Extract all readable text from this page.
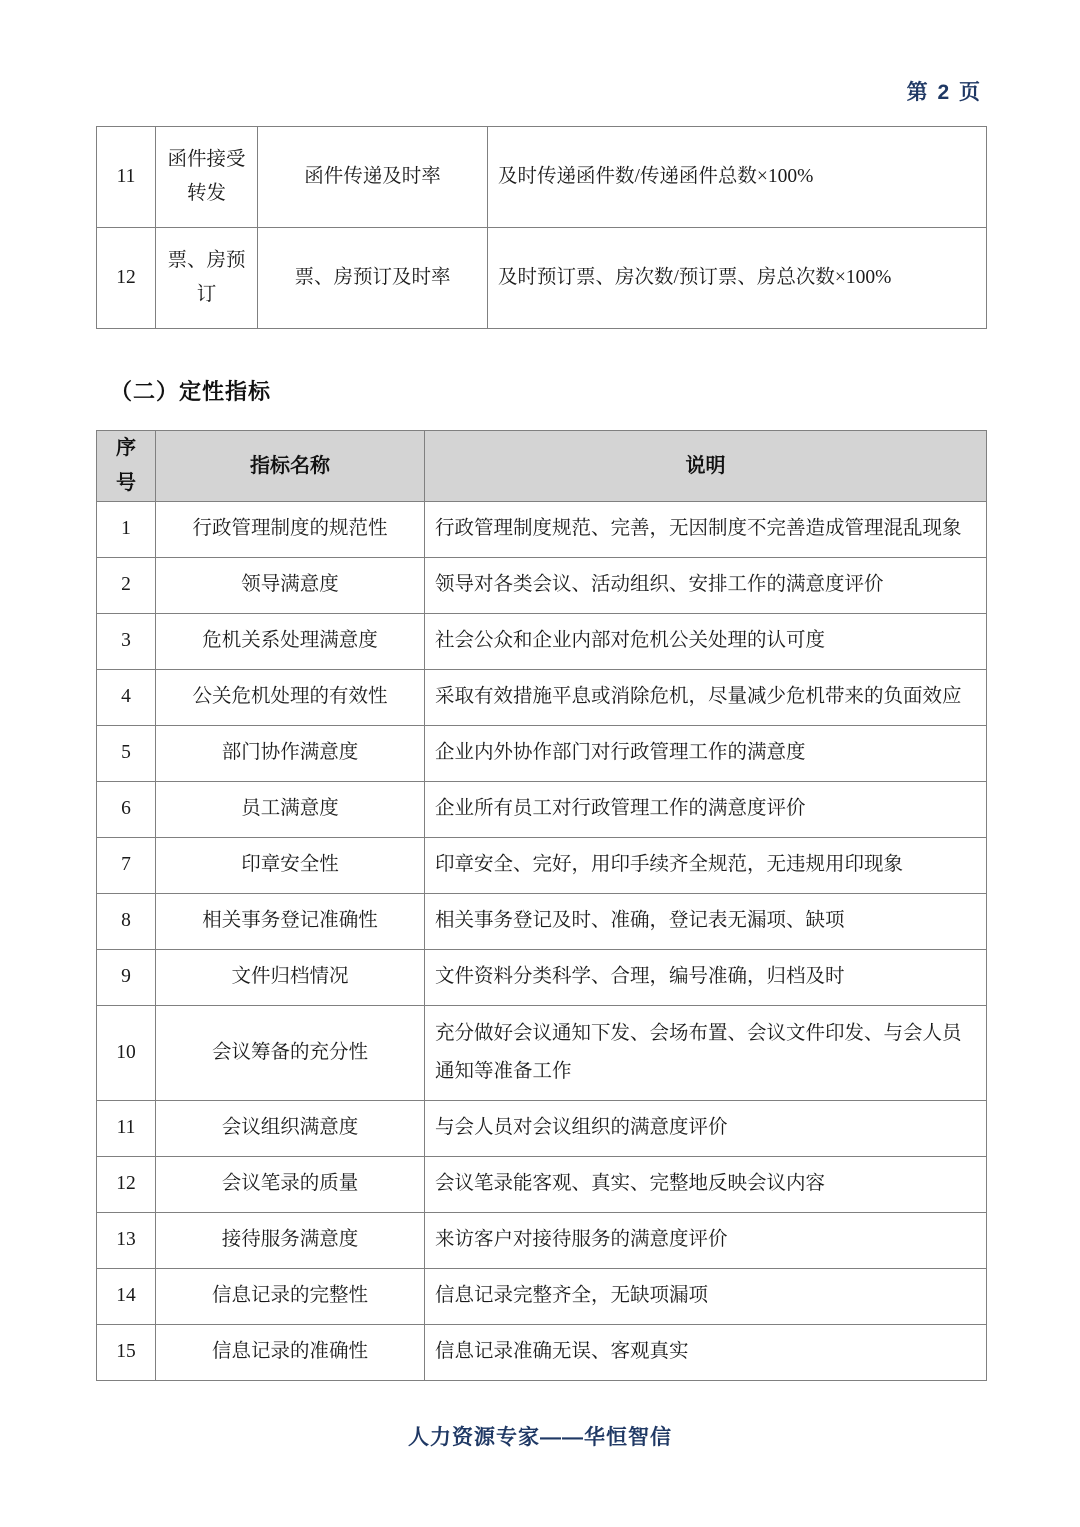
第 2 页
11	函件接受转发	函件传递及时率	及时传递函件数/传递函件总数×100%
12	票、房预订	票、房预订及时率	及时预订票、房次数/预订票、房总次数×100%
（二）定性指标
序号	指标名称	说明
1	行政管理制度的规范性	行政管理制度规范、完善，无因制度不完善造成管理混乱现象
2	领导满意度	领导对各类会议、活动组织、安排工作的满意度评价
3	危机关系处理满意度	社会公众和企业内部对危机公关处理的认可度
4	公关危机处理的有效性	采取有效措施平息或消除危机，尽量减少危机带来的负面效应
5	部门协作满意度	企业内外协作部门对行政管理工作的满意度
6	员工满意度	企业所有员工对行政管理工作的满意度评价
7	印章安全性	印章安全、完好，用印手续齐全规范，无违规用印现象
8	相关事务登记准确性	相关事务登记及时、准确，登记表无漏项、缺项
9	文件归档情况	文件资料分类科学、合理，编号准确，归档及时
10	会议筹备的充分性	充分做好会议通知下发、会场布置、会议文件印发、与会人员通知等准备工作
11	会议组织满意度	与会人员对会议组织的满意度评价
12	会议笔录的质量	会议笔录能客观、真实、完整地反映会议内容
13	接待服务满意度	来访客户对接待服务的满意度评价
14	信息记录的完整性	信息记录完整齐全，无缺项漏项
15	信息记录的准确性	信息记录准确无误、客观真实
人力资源专家——华恒智信
